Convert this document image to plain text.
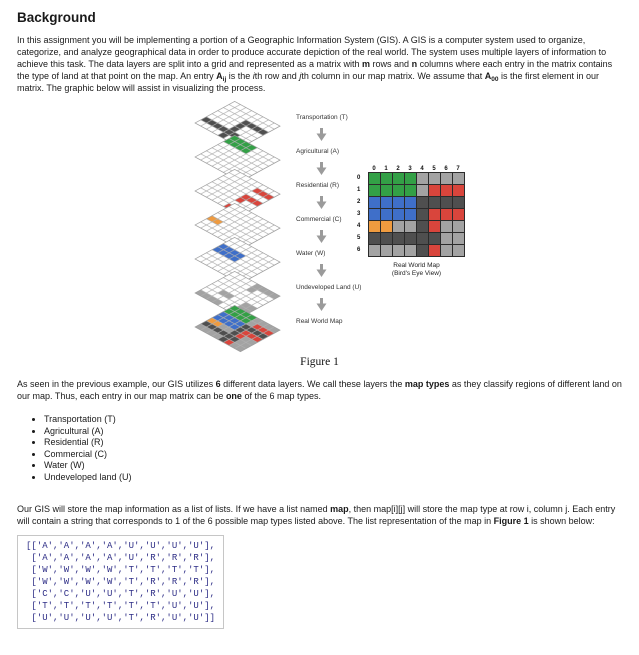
Background

In this assignment you will be implementing a portion of a Geographic Information System (GIS). A GIS is a computer system used to organize, categorize, and analyze geographical data in order to produce accurate depiction of the real world. The system uses multiple layers of information to achieve this task. The data layers are split into a grid and represented as a matrix with m rows and n columns where each entry in the matrix contains the type of land at that point on the map. An entry $A_{ij}$ is the ith row and jth column in our map matrix. We assume that $A_{00}$ is the first element in our matrix. The graphic below will assist in visualizing the process.

Transportation (T)
Agricultural (A)
Residential (R)
Commercial (C)
Water (W)
Undeveloped Land (U)
Real World Map
0	1	2	3	4	5	6	7
0
1
2
3
4
5
6
Real World Map
(Bird's Eye View)
Figure 1

As seen in the previous example, our GIS utilizes 6 different data layers. We call these layers the map types as they classify regions of different land on our map. Thus, each entry in our map matrix can be one of the 6 map types.

• Transportation (T)
• Agricultural (A)
• Residential (R)
• Commercial (C)
• Water (W)
• Undeveloped land (U)

Our GIS will store the map information as a list of lists. If we have a list named map, then map[i][j] will store the map type at row i, column j. Each entry will contain a string that corresponds to 1 of the 6 possible map types listed above. The list representation of the map in Figure 1 is shown below:

[['A','A','A','A','U','U','U','U'],
['A','A','A','A','U','R','R','R'],
['W','W','W','W','T','T','T','T'],
['W','W','W','W','T','R','R','R'],
['C','C','U','U','T','R','U','U'],
['T','T','T','T','T','T','U','U'],
['U','U','U','U','T','R','U','U']]
